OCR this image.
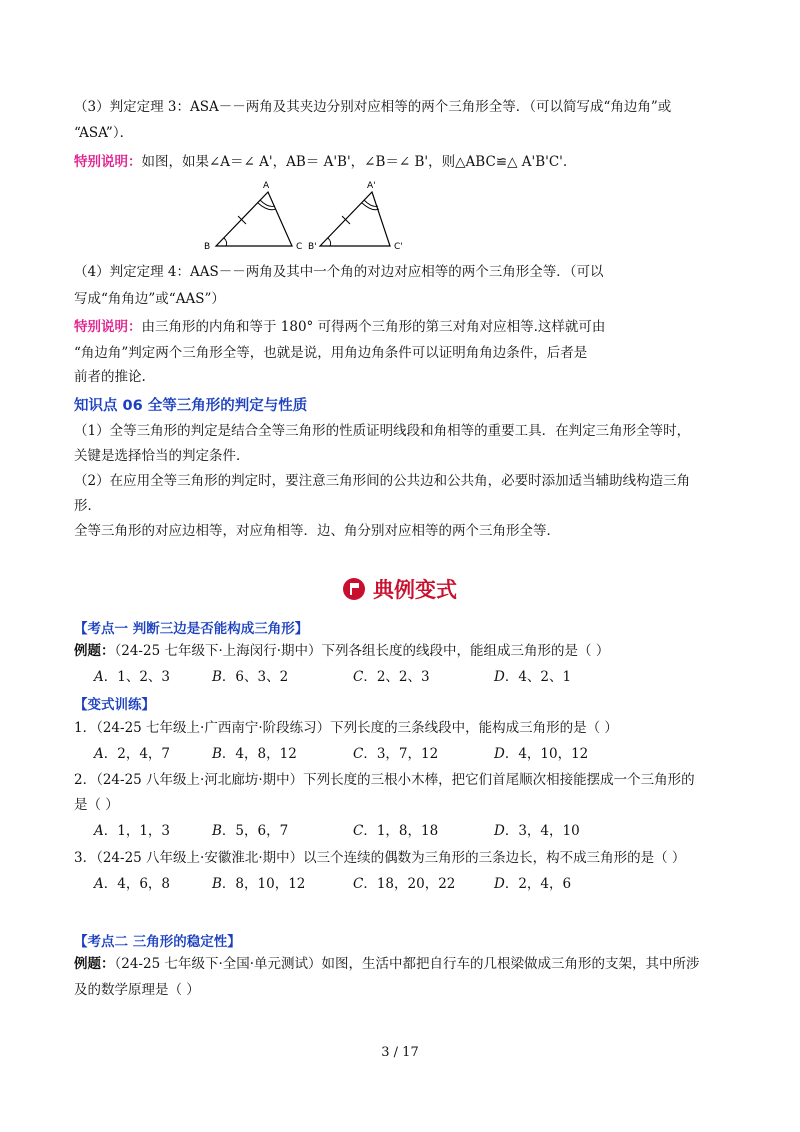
（3）判定定理 3：ASA－－两角及其夹边分别对应相等的两个三角形全等．（可以简写成“角边角”或
“ASA”）．
特别说明：如图，如果∠A＝∠ A'，AB＝ A'B'，∠B＝∠ B'，则△ABC≌△ A'B'C'.
A
B	C
A'
B'	C'
（4）判定定理 4：AAS－－两角及其中一个角的对边对应相等的两个三角形全等．（可以
写成“角角边”或“AAS”）
特别说明：由三角形的内角和等于 180° 可得两个三角形的第三对角对应相等.这样就可由
“角边角”判定两个三角形全等，也就是说，用角边角条件可以证明角角边条件，后者是
前者的推论.
知识点 06 全等三角形的判定与性质
（1）全等三角形的判定是结合全等三角形的性质证明线段和角相等的重要工具．在判定三角形全等时，
关键是选择恰当的判定条件．
（2）在应用全等三角形的判定时，要注意三角形间的公共边和公共角，必要时添加适当辅助线构造三角
形．
全等三角形的对应边相等，对应角相等．边、角分别对应相等的两个三角形全等．
典例变式
【考点一 判断三边是否能构成三角形】
例题：（24-25 七年级下·上海闵行·期中）下列各组长度的线段中，能组成三角形的是（ ）
A．1、2、3	B．6、3、2	C．2、2、3	D．4、2、1
【变式训练】
1．（24-25 七年级上·广西南宁·阶段练习）下列长度的三条线段中，能构成三角形的是（ ）
A．2，4，7	B．4，8，12	C．3，7，12	D．4，10，12
2．（24-25 八年级上·河北廊坊·期中）下列长度的三根小木棒，把它们首尾顺次相接能摆成一个三角形的
是（ ）
A．1，1，3	B．5，6，7	C．1，8，18	D．3，4，10
3．（24-25 八年级上·安徽淮北·期中）以三个连续的偶数为三角形的三条边长，构不成三角形的是（ ）
A．4，6，8	B．8，10，12	C．18，20，22	D．2，4，6
【考点二 三角形的稳定性】
例题：（24-25 七年级下·全国·单元测试）如图，生活中都把自行车的几根梁做成三角形的支架，其中所涉
及的数学原理是（ ）
3 / 17
